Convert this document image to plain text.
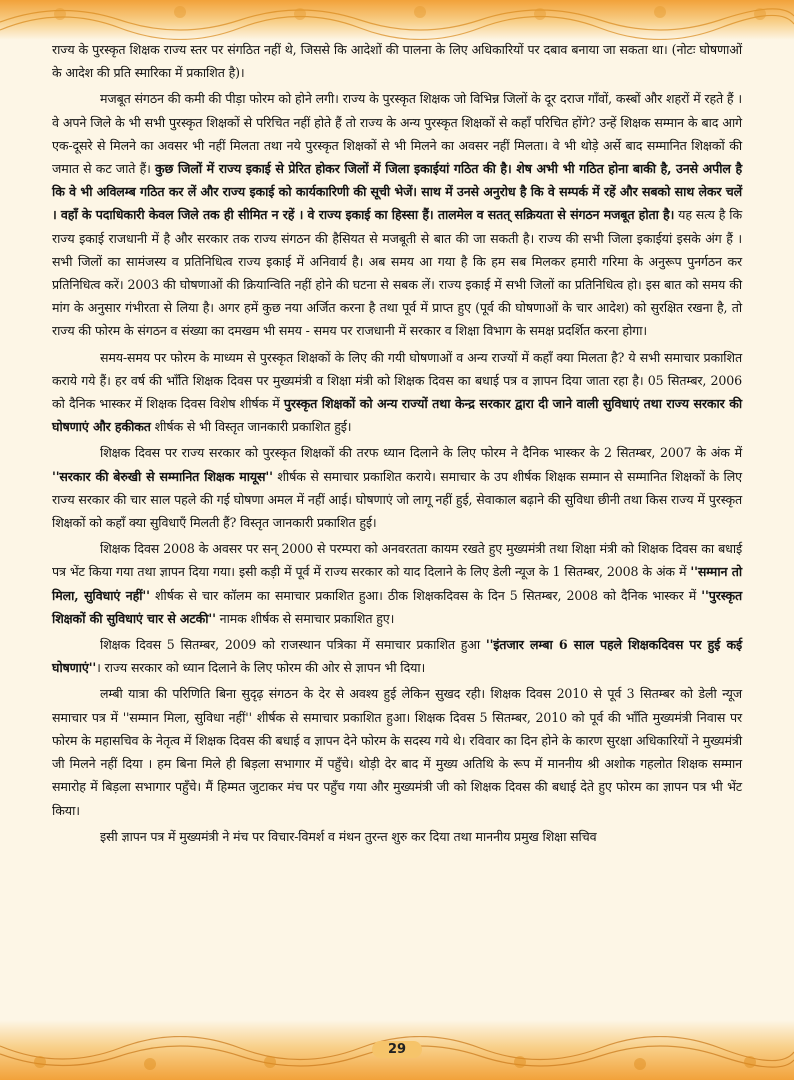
राज्य के पुरस्कृत शिक्षक राज्य स्तर पर संगठित नहीं थे, जिससे कि आदेशों की पालना के लिए अधिकारियों पर दबाव बनाया जा सकता था। (नोटः घोषणाओं के आदेश की प्रति स्मारिका में प्रकाशित है)।

मजबूत संगठन की कमी की पीड़ा फोरम को होने लगी। राज्य के पुरस्कृत शिक्षक जो विभिन्न जिलों के दूर दराज गाँवों, कस्बों और शहरों में रहते हैं । वे अपने जिले के भी सभी पुरस्कृत शिक्षकों से परिचित नहीं होते हैं तो राज्य के अन्य पुरस्कृत शिक्षकों से कहाँ परिचित होंगे? उन्हें शिक्षक सम्मान के बाद आगे एक-दूसरे से मिलने का अवसर भी नहीं मिलता तथा नये पुरस्कृत शिक्षकों से भी मिलने का अवसर नहीं मिलता। वे भी थोड़े अर्से बाद सम्मानित शिक्षकों की जमात से कट जाते हैं। कुछ जिलों में राज्य इकाई से प्रेरित होकर जिलों में जिला इकाईयां गठित की है। शेष अभी भी गठित होना बाकी है, उनसे अपील है कि वे भी अविलम्ब गठित कर लें और राज्य इकाई को कार्यकारिणी की सूची भेजें। साथ में उनसे अनुरोध है कि वे सम्पर्क में रहें और सबको साथ लेकर चलें । वहाँ के पदाधिकारी केवल जिले तक ही सीमित न रहें । वे राज्य इकाई का हिस्सा हैं। तालमेल व सतत् सक्रियता से संगठन मजबूत होता है। यह सत्य है कि राज्य इकाई राजधानी में है और सरकार तक राज्य संगठन की हैसियत से मजबूती से बात की जा सकती है। राज्य की सभी जिला इकाईयां इसके अंग हैं । सभी जिलों का सामंजस्य व प्रतिनिधित्व राज्य इकाई में अनिवार्य है। अब समय आ गया है कि हम सब मिलकर हमारी गरिमा के अनुरूप पुनर्गठन कर प्रतिनिधित्व करें। 2003 की घोषणाओं की क्रियान्विति नहीं होने की घटना से सबक लें। राज्य इकाई में सभी जिलों का प्रतिनिधित्व हो। इस बात को समय की मांग के अनुसार गंभीरता से लिया है। अगर हमें कुछ नया अर्जित करना है तथा पूर्व में प्राप्त हुए (पूर्व की घोषणाओं के चार आदेश) को सुरक्षित रखना है, तो राज्य की फोरम के संगठन व संख्या का दमखम भी समय - समय पर राजधानी में सरकार व शिक्षा विभाग के समक्ष प्रदर्शित करना होगा।

समय-समय पर फोरम के माध्यम से पुरस्कृत शिक्षकों के लिए की गयी घोषणाओं व अन्य राज्यों में कहाँ क्या मिलता है? ये सभी समाचार प्रकाशित कराये गये हैं। हर वर्ष की भाँति शिक्षक दिवस पर मुख्यमंत्री व शिक्षा मंत्री को शिक्षक दिवस का बधाई पत्र व ज्ञापन दिया जाता रहा है। 05 सितम्बर, 2006 को दैनिक भास्कर में शिक्षक दिवस विशेष शीर्षक में पुरस्कृत शिक्षकों को अन्य राज्यों तथा केन्द्र सरकार द्वारा दी जाने वाली सुविधाएं तथा राज्य सरकार की घोषणाएं और हकीकत शीर्षक से भी विस्तृत जानकारी प्रकाशित हुई।

शिक्षक दिवस पर राज्य सरकार को पुरस्कृत शिक्षकों की तरफ ध्यान दिलाने के लिए फोरम ने दैनिक भास्कर के 2 सितम्बर, 2007 के अंक में ''सरकार की बेरुखी से सम्मानित शिक्षक मायूस'' शीर्षक से समाचार प्रकाशित कराये। समाचार के उप शीर्षक शिक्षक सम्मान से सम्मानित शिक्षकों के लिए राज्य सरकार की चार साल पहले की गई घोषणा अमल में नहीं आई। घोषणाएं जो लागू नहीं हुई, सेवाकाल बढ़ाने की सुविधा छीनी तथा किस राज्य में पुरस्कृत शिक्षकों को कहाँ क्या सुविधाएँ मिलती हैं? विस्तृत जानकारी प्रकाशित हुई।

शिक्षक दिवस 2008 के अवसर पर सन् 2000 से परम्परा को अनवरतता कायम रखते हुए मुख्यमंत्री तथा शिक्षा मंत्री को शिक्षक दिवस का बधाई पत्र भेंट किया गया तथा ज्ञापन दिया गया। इसी कड़ी में पूर्व में राज्य सरकार को याद दिलाने के लिए डेली न्यूज के 1 सितम्बर, 2008 के अंक में ''सम्मान तो मिला, सुविधाएं नहीं'' शीर्षक से चार कॉलम का समाचार प्रकाशित हुआ। ठीक शिक्षकदिवस के दिन 5 सितम्बर, 2008 को दैनिक भास्कर में ''पुरस्कृत शिक्षकों की सुविधाएं चार से अटकी'' नामक शीर्षक से समाचार प्रकाशित हुए।

शिक्षक दिवस 5 सितम्बर, 2009 को राजस्थान पत्रिका में समाचार प्रकाशित हुआ ''इंतजार लम्बा 6 साल पहले शिक्षकदिवस पर हुई कई घोषणाएं''। राज्य सरकार को ध्यान दिलाने के लिए फोरम की ओर से ज्ञापन भी दिया।

लम्बी यात्रा की परिणिति बिना सुदृढ़ संगठन के देर से अवश्य हुई लेकिन सुखद रही। शिक्षक दिवस 2010 से पूर्व 3 सितम्बर को डेली न्यूज समाचार पत्र में ''सम्मान मिला, सुविधा नहीं'' शीर्षक से समाचार प्रकाशित हुआ। शिक्षक दिवस 5 सितम्बर, 2010 को पूर्व की भाँति मुख्यमंत्री निवास पर फोरम के महासचिव के नेतृत्व में शिक्षक दिवस की बधाई व ज्ञापन देने फोरम के सदस्य गये थे। रविवार का दिन होने के कारण सुरक्षा अधिकारियों ने मुख्यमंत्री जी मिलने नहीं दिया । हम बिना मिले ही बिड़ला सभागार में पहुँचे। थोड़ी देर बाद में मुख्य अतिथि के रूप में माननीय श्री अशोक गहलोत शिक्षक सम्मान समारोह में बिड़ला सभागार पहुँचे। मैं हिम्मत जुटाकर मंच पर पहुँच गया और मुख्यमंत्री जी को शिक्षक दिवस की बधाई देते हुए फोरम का ज्ञापन पत्र भी भेंट किया।

इसी ज्ञापन पत्र में मुख्यमंत्री ने मंच पर विचार-विमर्श व मंथन तुरन्त शुरु कर दिया तथा माननीय प्रमुख शिक्षा सचिव

29
